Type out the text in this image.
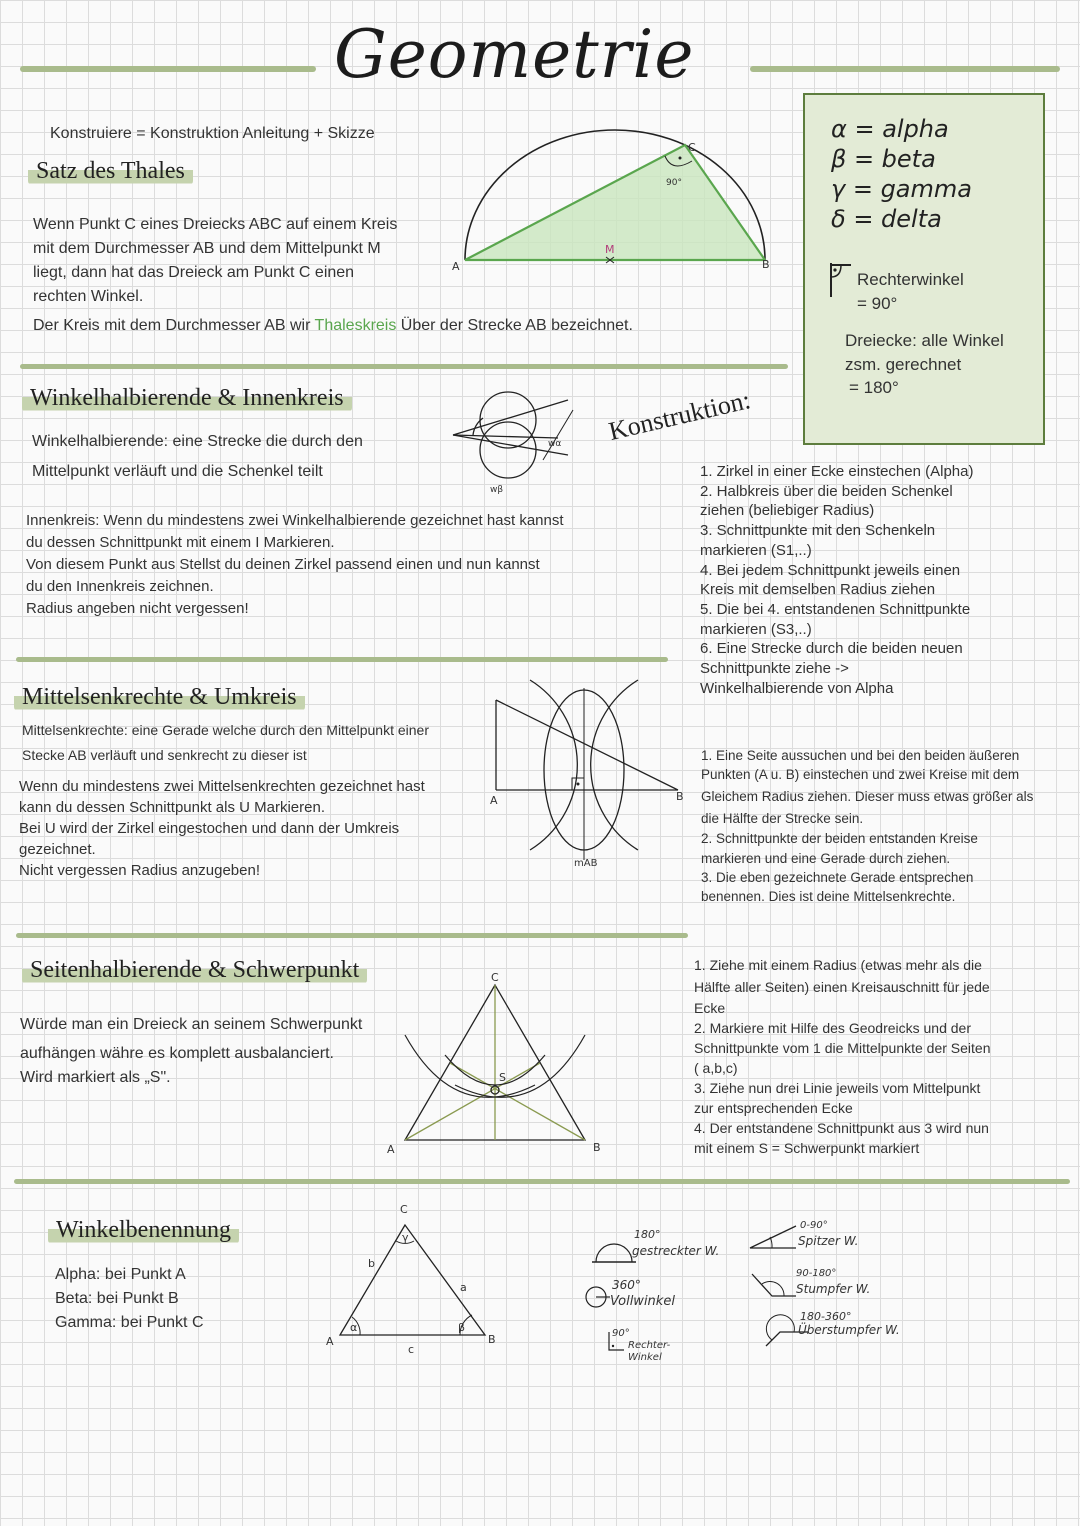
Geometrie
Konstruiere = Konstruktion Anleitung + Skizze	α = alpha
β = beta
γ = gamma
δ = delta
Rechterwinkel
= 90°
Dreiecke: alle Winkel
zsm. gerechnet
= 180°
Satz des Thales
Wenn Punkt C eines Dreiecks ABC auf einem Kreis
mit dem Durchmesser AB und dem Mittelpunkt M
liegt, dann hat das Dreieck am Punkt C einen
rechten Winkel.
Der Kreis mit dem Durchmesser AB wir Thaleskreis Über der Strecke AB bezeichnet.
90°
C
A	B
M
Winkelhalbierende & Innenkreis
Winkelhalbierende: eine Strecke die durch den
Mittelpunkt verläuft und die Schenkel teilt
wα
wβ
Konstruktion:
Innenkreis: Wenn du mindestens zwei Winkelhalbierende gezeichnet hast kannst
du dessen Schnittpunkt mit einem I Markieren.
Von diesem Punkt aus Stellst du deinen Zirkel passend einen und nun kannst
du den Innenkreis zeichnen.
Radius angeben nicht vergessen!
1. Zirkel in einer Ecke einstechen (Alpha)
2. Halbkreis über die beiden Schenkel
ziehen (beliebiger Radius)
3. Schnittpunkte mit den Schenkeln
markieren (S1,..)
4. Bei jedem Schnittpunkt jeweils einen
Kreis mit demselben Radius ziehen
5. Die bei 4. entstandenen Schnittpunkte
markieren (S3,..)
6. Eine Strecke durch die beiden neuen
Schnittpunkte ziehe ->
Winkelhalbierende von Alpha
Mittelsenkrechte & Umkreis
Mittelsenkrechte: eine Gerade welche durch den Mittelpunkt einer
Stecke AB verläuft und senkrecht zu dieser ist
Wenn du mindestens zwei Mittelsenkrechten gezeichnet hast
kann du dessen Schnittpunkt als U Markieren.
Bei U wird der Zirkel eingestochen und dann der Umkreis
gezeichnet.
Nicht vergessen Radius anzugeben!
A	B
mAB
1. Eine Seite aussuchen und bei den beiden äußeren
Punkten (A u. B) einstechen und zwei Kreise mit dem
Gleichem Radius ziehen. Dieser muss etwas größer als
die Hälfte der Strecke sein.
2. Schnittpunkte der beiden entstanden Kreise
markieren und eine Gerade durch ziehen.
3. Die eben gezeichnete Gerade entsprechen
benennen. Dies ist deine Mittelsenkrechte.
Seitenhalbierende & Schwerpunkt
Würde man ein Dreieck an seinem Schwerpunkt
aufhängen währe es komplett ausbalanciert.
Wird markiert als „S".
C
A	B
S
1. Ziehe mit einem Radius (etwas mehr als die
Hälfte aller Seiten) einen Kreisauschnitt für jede
Ecke
2. Markiere mit Hilfe des Geodreicks und der
Schnittpunkte vom 1 die Mittelpunkte der Seiten
( a,b,c)
3. Ziehe nun drei Linie jeweils vom Mittelpunkt
zur entsprechenden Ecke
4. Der entstandene Schnittpunkt aus 3 wird nun
mit einem S = Schwerpunkt markiert
Winkelbenennung
Alpha: bei Punkt A
Beta: bei Punkt B
Gamma: bei Punkt C
C
A	B
a
b
c
α	β
γ	180°
gestreckter W.
360°
Vollwinkel
90°
Rechter-Winkel
0-90°
Spitzer W.
90-180°
Stumpfer W.
180-360°
Überstumpfer W.
